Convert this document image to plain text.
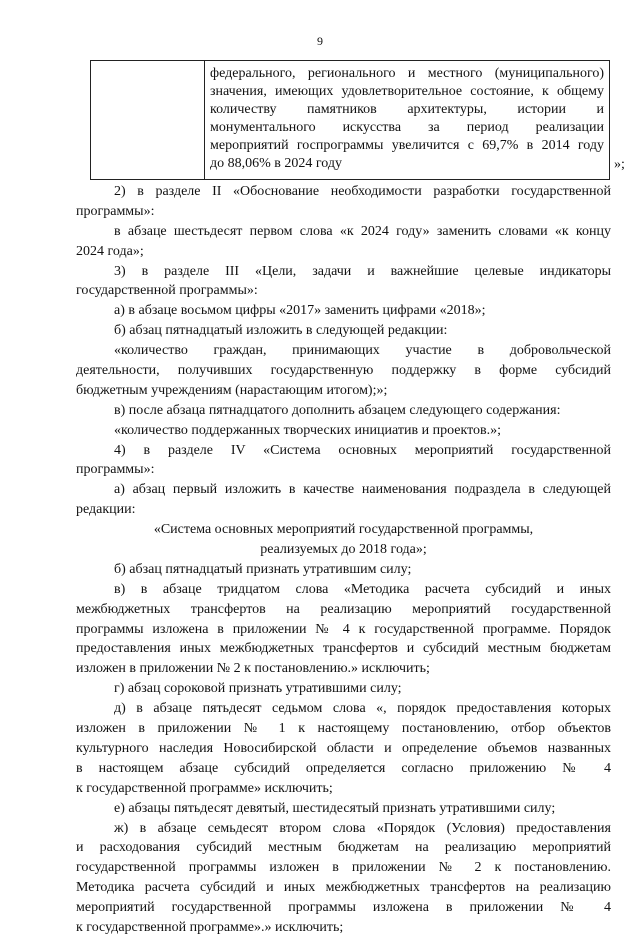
9
федерального, регионального и местного (муниципального)
значения, имеющих удовлетворительное состояние, к общему
количеству памятников архитектуры, истории и
монументального искусства за период реализации
мероприятий госпрограммы увеличится с 69,7% в 2014 году
до 88,06% в 2024 году	»;
2) в разделе II «Обоснование необходимости разработки государственной
программы»:
в абзаце шестьдесят первом слова «к 2024 году» заменить словами «к концу
2024 года»;
3) в разделе III «Цели, задачи и важнейшие целевые индикаторы
государственной программы»:
а) в абзаце восьмом цифры «2017» заменить цифрами «2018»;
б) абзац пятнадцатый изложить в следующей редакции:
«количество граждан, принимающих участие в добровольческой
деятельности, получивших государственную поддержку в форме субсидий
бюджетным учреждениям (нарастающим итогом);»;
в) после абзаца пятнадцатого дополнить абзацем следующего содержания:
«количество поддержанных творческих инициатив и проектов.»;
4) в разделе IV «Система основных мероприятий государственной
программы»:
а) абзац первый изложить в качестве наименования подраздела в следующей
редакции:
«Система основных мероприятий государственной программы,
реализуемых до 2018 года»;
б) абзац пятнадцатый признать утратившим силу;
в) в абзаце тридцатом слова «Методика расчета субсидий и иных
межбюджетных трансфертов на реализацию мероприятий государственной
программы изложена в приложении № 4 к государственной программе. Порядок
предоставления иных межбюджетных трансфертов и субсидий местным бюджетам
изложен в приложении № 2 к постановлению.» исключить;
г) абзац сороковой признать утратившими силу;
д) в абзаце пятьдесят седьмом слова «, порядок предоставления которых
изложен в приложении № 1 к настоящему постановлению, отбор объектов
культурного наследия Новосибирской области и определение объемов названных
в настоящем абзаце субсидий определяется согласно приложению № 4
к государственной программе» исключить;
е) абзацы пятьдесят девятый, шестидесятый признать утратившими силу;
ж) в абзаце семьдесят втором слова «Порядок (Условия) предоставления
и расходования субсидий местным бюджетам на реализацию мероприятий
государственной программы изложен в приложении № 2 к постановлению.
Методика расчета субсидий и иных межбюджетных трансфертов на реализацию
мероприятий государственной программы изложена в приложении № 4
к государственной программе».» исключить;
